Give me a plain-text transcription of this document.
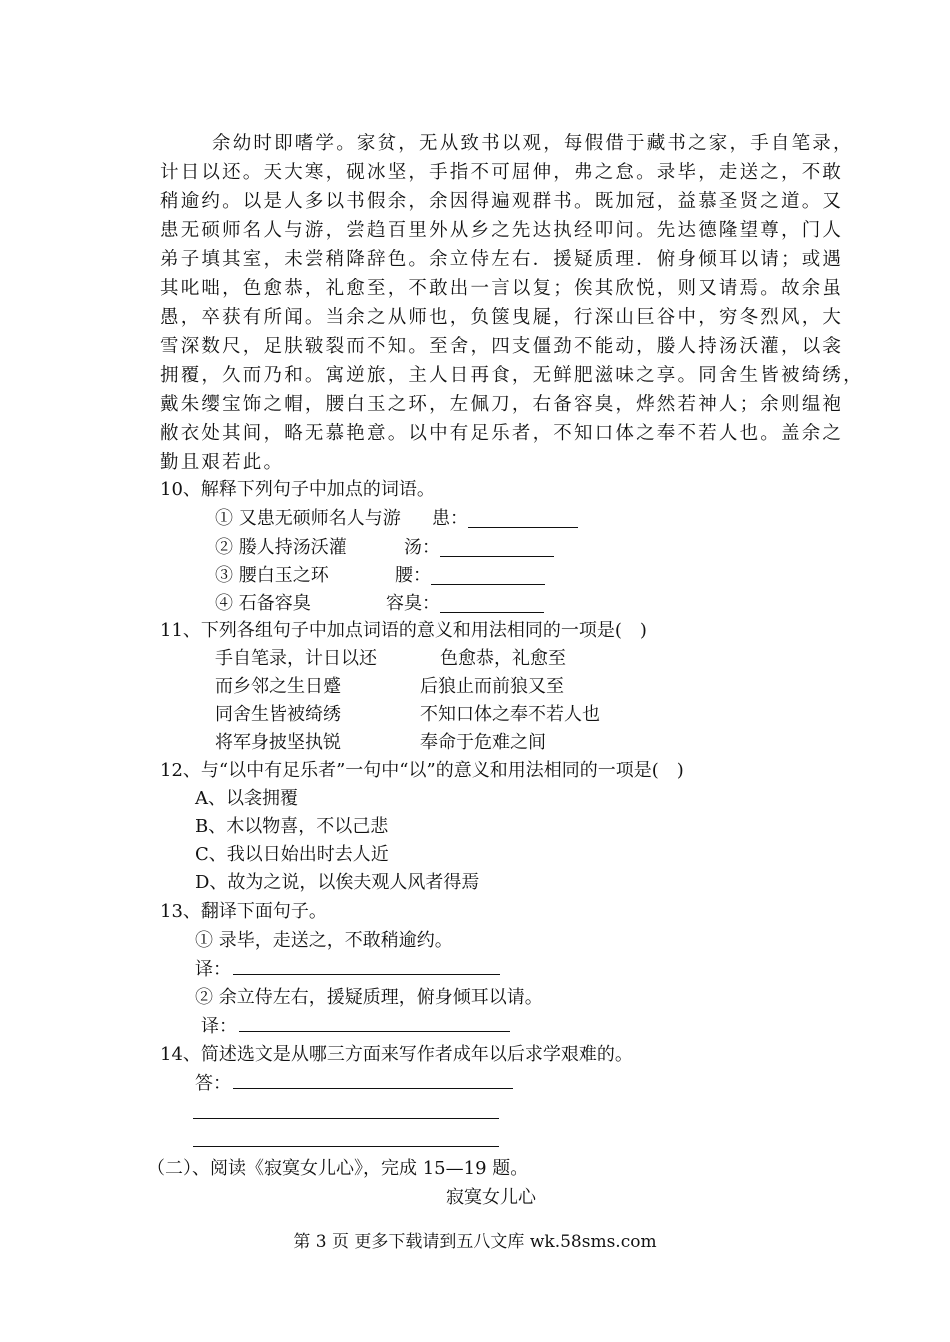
余幼时即嗜学。家贫，无从致书以观，每假借于藏书之家，手自笔录，
计日以还。天大寒，砚冰坚，手指不可屈伸，弗之怠。录毕，走送之，不敢
稍逾约。以是人多以书假余，余因得遍观群书。既加冠，益慕圣贤之道。又
患无硕师名人与游，尝趋百里外从乡之先达执经叩问。先达德隆望尊，门人
弟子填其室，未尝稍降辞色。余立侍左右．援疑质理．俯身倾耳以请；或遇
其叱咄，色愈恭，礼愈至，不敢出一言以复；俟其欣悦，则又请焉。故余虽
愚，卒获有所闻。当余之从师也，负箧曳屣，行深山巨谷中，穷冬烈风，大
雪深数尺，足肤皲裂而不知。至舍，四支僵劲不能动，媵人持汤沃灌，以衾
拥覆，久而乃和。寓逆旅，主人日再食，无鲜肥滋味之享。同舍生皆被绮绣，
戴朱缨宝饰之帽，腰白玉之环，左佩刀，右备容臭，烨然若神人；余则缊袍
敝衣处其间，略无慕艳意。以中有足乐者，不知口体之奉不若人也。盖余之
勤且艰若此。
10、解释下列句子中加点的词语。
① 又患无硕师名人与游 患：
② 媵人持汤沃灌	汤：
③ 腰白玉之环	腰：
④ 石备容臭	容臭：
11、下列各组句子中加点词语的意义和用法相同的一项是(　)
手自笔录，计日以还	色愈恭，礼愈至
而乡邻之生日蹙	后狼止而前狼又至
同舍生皆被绮绣	不知口体之奉不若人也
将军身披坚执锐	奉命于危难之间
12、与“以中有足乐者”一句中“以”的意义和用法相同的一项是(　)
A、以衾拥覆
B、木以物喜，不以己悲
C、我以日始出时去人近
D、故为之说，以俟夫观人风者得焉
13、翻译下面句子。
① 录毕，走送之，不敢稍逾约。
译：
② 余立侍左右，援疑质理，俯身倾耳以请。
译：
14、简述选文是从哪三方面来写作者成年以后求学艰难的。
答：
（二）、阅读《寂寞女儿心》，完成 15—19 题。
寂寞女儿心
第 3 页 更多下载请到五八文库 wk.58sms.com
